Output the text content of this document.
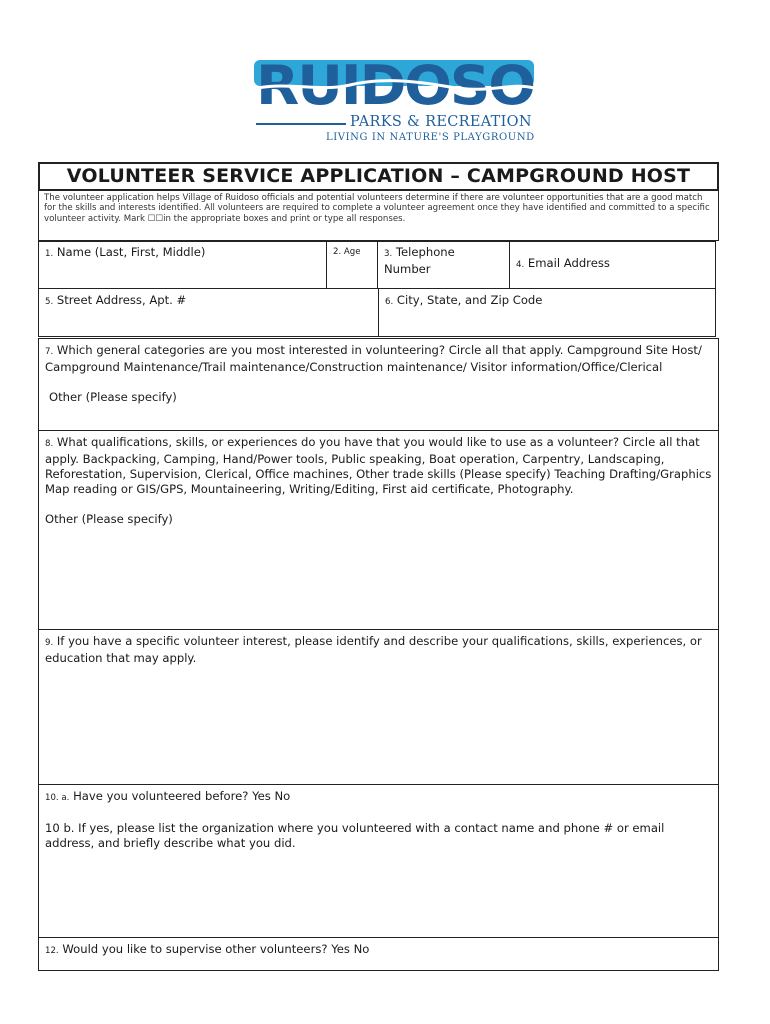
RUIDOSO
PARKS & RECREATION
LIVING IN NATURE'S PLAYGROUND
VOLUNTEER SERVICE APPLICATION – CAMPGROUND HOST
The volunteer application helps Village of Ruidoso officials and potential volunteers determine if there are volunteer opportunities that are a good match for the skills and interests identified. All volunteers are required to complete a volunteer agreement once they have identified and committed to a specific volunteer activity. Mark ☐☐in the appropriate boxes and print or type all responses.
1. Name (Last, First, Middle)	2. Age	3. Telephone Number	4. Email Address
5. Street Address, Apt. #	6. City, State, and Zip Code

7. Which general categories are you most interested in volunteering? Circle all that apply. Campground Site Host/ Campground Maintenance/Trail maintenance/Construction maintenance/ Visitor information/Office/Clerical

Other (Please specify)

8. What qualifications, skills, or experiences do you have that you would like to use as a volunteer? Circle all that apply. Backpacking, Camping, Hand/Power tools, Public speaking, Boat operation, Carpentry, Landscaping, Reforestation, Supervision, Clerical, Office machines, Other trade skills (Please specify) Teaching Drafting/Graphics Map reading or GIS/GPS, Mountaineering, Writing/Editing, First aid certificate, Photography.

Other (Please specify)

9. If you have a specific volunteer interest, please identify and describe your qualifications, skills, experiences, or education that may apply.

10. a. Have you volunteered before? Yes No

10 b. If yes, please list the organization where you volunteered with a contact name and phone # or email address, and briefly describe what you did.

12. Would you like to supervise other volunteers? Yes No
